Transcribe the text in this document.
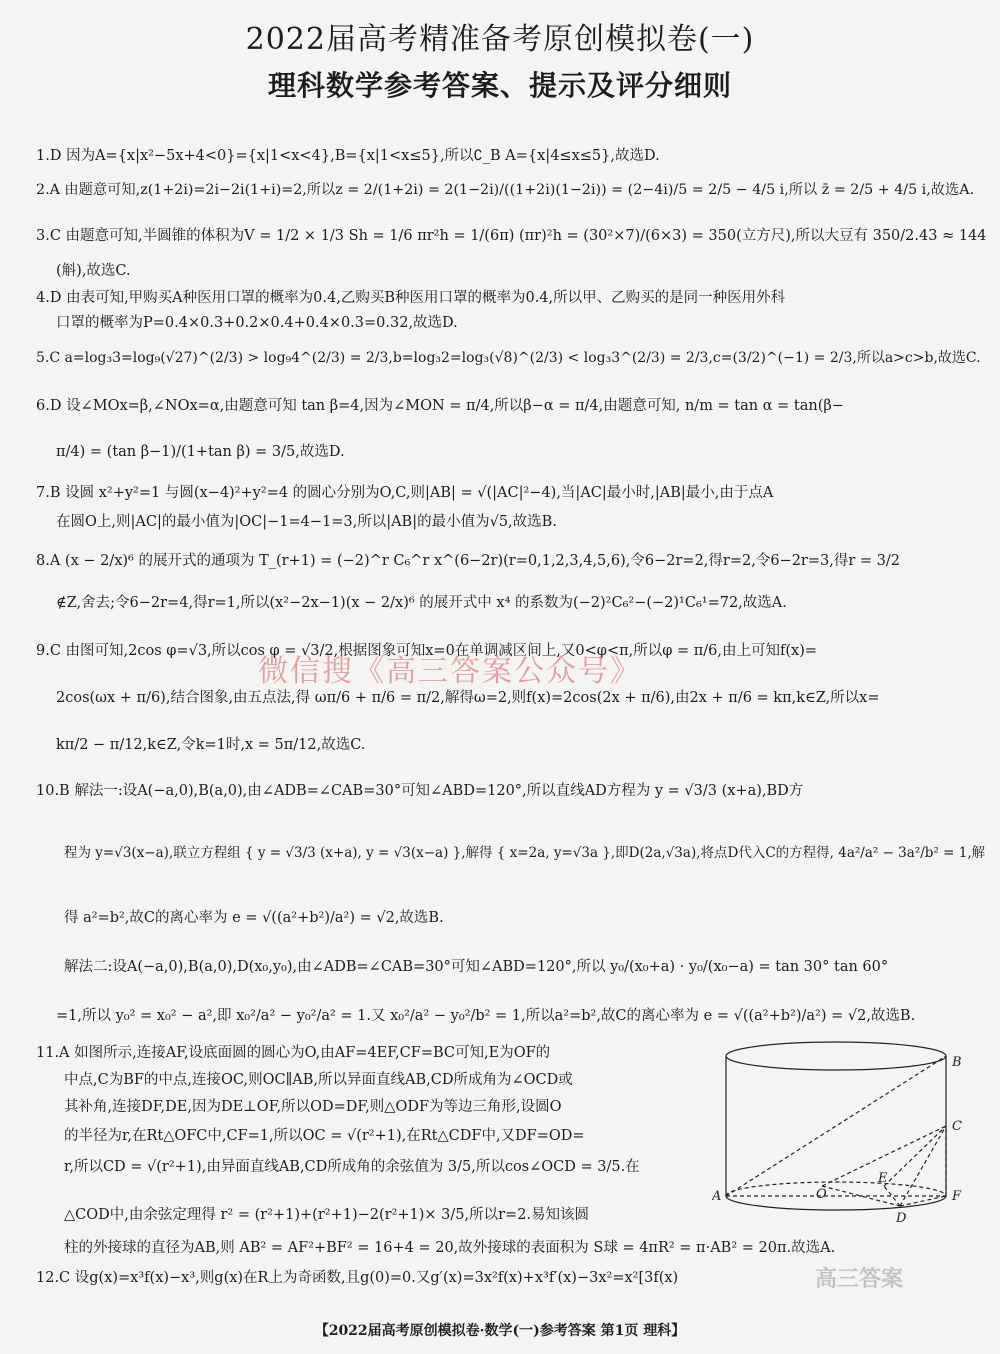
2022届高考精准备考原创模拟卷(一)
理科数学参考答案、提示及评分细则
1.D 因为A={x|x²−5x+4<0}={x|1<x<4},B={x|1<x≤5},所以∁_B A={x|4≤x≤5},故选D.
2.A 由题意可知,z(1+2i)=2i−2i(1+i)=2,所以z = 2/(1+2i) = 2(1−2i)/((1+2i)(1−2i)) = (2−4i)/5 = 2/5 − 4/5 i,所以 z̄ = 2/5 + 4/5 i,故选A.
3.C 由题意可知,半圆锥的体积为V = 1/2 × 1/3 Sh = 1/6 πr²h = 1/(6π) (πr)²h = (30²×7)/(6×3) = 350(立方尺),所以大豆有 350/2.43 ≈ 144
(斛),故选C.
4.D 由表可知,甲购买A种医用口罩的概率为0.4,乙购买B种医用口罩的概率为0.4,所以甲、乙购买的是同一种医用外科
口罩的概率为P=0.4×0.3+0.2×0.4+0.4×0.3=0.32,故选D.
5.C a=log₃3=log₉(√27)^(2/3) > log₉4^(2/3) = 2/3,b=log₃2=log₃(√8)^(2/3) < log₃3^(2/3) = 2/3,c=(3/2)^(−1) = 2/3,所以a>c>b,故选C.
6.D 设∠MOx=β,∠NOx=α,由题意可知 tan β=4,因为∠MON = π/4,所以β−α = π/4,由题意可知, n/m = tan α = tan(β−
π/4) = (tan β−1)/(1+tan β) = 3/5,故选D.
7.B 设圆 x²+y²=1 与圆(x−4)²+y²=4 的圆心分别为O,C,则|AB| = √(|AC|²−4),当|AC|最小时,|AB|最小,由于点A
在圆O上,则|AC|的最小值为|OC|−1=4−1=3,所以|AB|的最小值为√5,故选B.
8.A (x − 2/x)⁶ 的展开式的通项为 T_(r+1) = (−2)^r C₆^r x^(6−2r)(r=0,1,2,3,4,5,6),令6−2r=2,得r=2,令6−2r=3,得r = 3/2
∉Z,舍去;令6−2r=4,得r=1,所以(x²−2x−1)(x − 2/x)⁶ 的展开式中 x⁴ 的系数为(−2)²C₆²−(−2)¹C₆¹=72,故选A.
9.C 由图可知,2cos φ=√3,所以cos φ = √3/2,根据图象可知x=0在单调减区间上,又0<φ<π,所以φ = π/6,由上可知f(x)=
2cos(ωx + π/6),结合图象,由五点法,得 ωπ/6 + π/6 = π/2,解得ω=2,则f(x)=2cos(2x + π/6),由2x + π/6 = kπ,k∈Z,所以x=
kπ/2 − π/12,k∈Z,令k=1时,x = 5π/12,故选C.
10.B 解法一:设A(−a,0),B(a,0),由∠ADB=∠CAB=30°可知∠ABD=120°,所以直线AD方程为 y = √3/3 (x+a),BD方
程为 y=√3(x−a),联立方程组 { y = √3/3 (x+a), y = √3(x−a) },解得 { x=2a, y=√3a },即D(2a,√3a),将点D代入C的方程得, 4a²/a² − 3a²/b² = 1,解
得 a²=b²,故C的离心率为 e = √((a²+b²)/a²) = √2,故选B.
解法二:设A(−a,0),B(a,0),D(x₀,y₀),由∠ADB=∠CAB=30°可知∠ABD=120°,所以 y₀/(x₀+a) · y₀/(x₀−a) = tan 30° tan 60°
=1,所以 y₀² = x₀² − a²,即 x₀²/a² − y₀²/a² = 1.又 x₀²/a² − y₀²/b² = 1,所以a²=b²,故C的离心率为 e = √((a²+b²)/a²) = √2,故选B.
11.A 如图所示,连接AF,设底面圆的圆心为O,由AF=4EF,CF=BC可知,E为OF的
中点,C为BF的中点,连接OC,则OC∥AB,所以异面直线AB,CD所成角为∠OCD或
其补角,连接DF,DE,因为DE⊥OF,所以OD=DF,则△ODF为等边三角形,设圆O
的半径为r,在Rt△OFC中,CF=1,所以OC = √(r²+1),在Rt△CDF中,又DF=OD=
r,所以CD = √(r²+1),由异面直线AB,CD所成角的余弦值为 3/5,所以cos∠OCD = 3/5.在
△COD中,由余弦定理得 r² = (r²+1)+(r²+1)−2(r²+1)× 3/5,所以r=2.易知该圆
柱的外接球的直径为AB,则 AB² = AF²+BF² = 16+4 = 20,故外接球的表面积为 S球 = 4πR² = π·AB² = 20π.故选A.
12.C 设g(x)=x³f(x)−x³,则g(x)在R上为奇函数,且g(0)=0.又g′(x)=3x²f(x)+x³f′(x)−3x²=x²[3f(x)
微信搜《高三答案公众号》
A
B
C
D
E
F
O
高三答案
【2022届高考原创模拟卷·数学(一)参考答案 第1页 理科】
